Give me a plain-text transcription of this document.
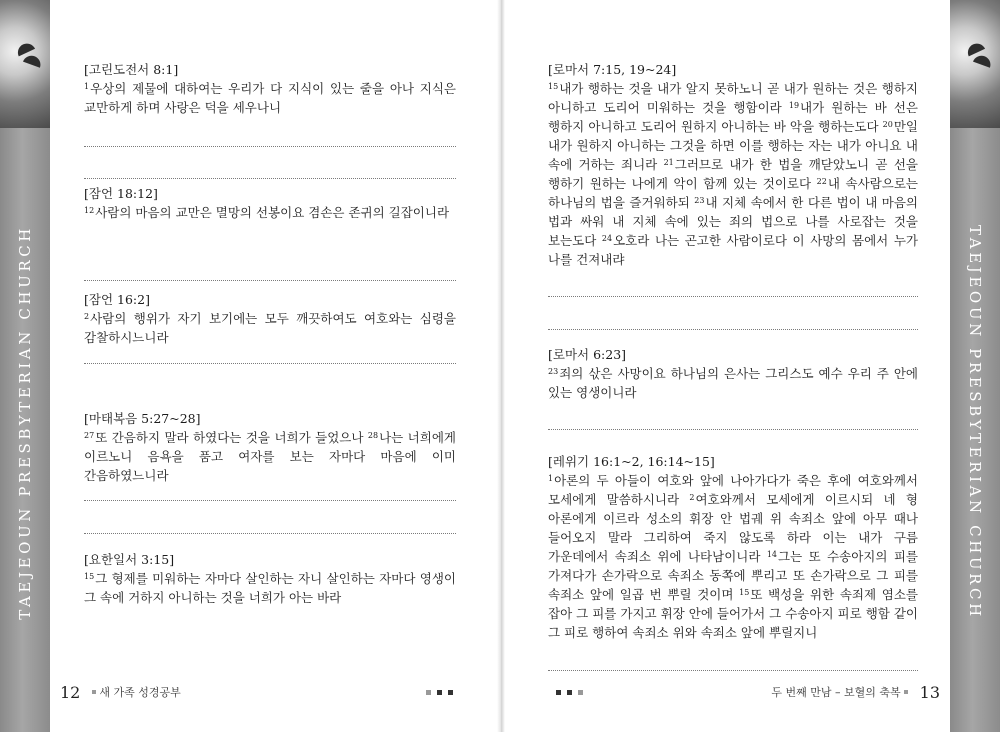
TAEJEOUN PRESBYTERIAN CHURCH	TAEJEOUN PRESBYTERIAN CHURCH
[고린도전서 8:1]
$^1$우상의 제물에 대하여는 우리가 다 지식이 있는 줄을 아나 지식은 교만하게 하며 사랑은 덕을 세우나니
[잠언 18:12]
$^{12}$사람의 마음의 교만은 멸망의 선봉이요 겸손은 존귀의 길잡이니라
[잠언 16:2]
$^2$사람의 행위가 자기 보기에는 모두 깨끗하여도 여호와는 심령을 감찰하시느니라
[마태복음 5:27~28]
$^{27}$또 간음하지 말라 하였다는 것을 너희가 들었으나 $^{28}$나는 너희에게 이르노니 음욕을 품고 여자를 보는 자마다 마음에 이미 간음하였느니라
[요한일서 3:15]
$^{15}$그 형제를 미워하는 자마다 살인하는 자니 살인하는 자마다 영생이 그 속에 거하지 아니하는 것을 너희가 아는 바라
[로마서 7:15, 19~24]
$^{15}$내가 행하는 것을 내가 알지 못하노니 곧 내가 원하는 것은 행하지 아니하고 도리어 미워하는 것을 행함이라 $^{19}$내가 원하는 바 선은 행하지 아니하고 도리어 원하지 아니하는 바 악을 행하는도다 $^{20}$만일 내가 원하지 아니하는 그것을 하면 이를 행하는 자는 내가 아니요 내 속에 거하는 죄니라 $^{21}$그러므로 내가 한 법을 깨닫았노니 곧 선을 행하기 원하는 나에게 악이 함께 있는 것이로다 $^{22}$내 속사람으로는 하나님의 법을 즐거워하되 $^{23}$내 지체 속에서 한 다른 법이 내 마음의 법과 싸워 내 지체 속에 있는 죄의 법으로 나를 사로잡는 것을 보는도다 $^{24}$오호라 나는 곤고한 사람이로다 이 사망의 몸에서 누가 나를 건져내랴
[로마서 6:23]
$^{23}$죄의 삯은 사망이요 하나님의 은사는 그리스도 예수 우리 주 안에 있는 영생이니라
[레위기 16:1~2, 16:14~15]
$^1$아론의 두 아들이 여호와 앞에 나아가다가 죽은 후에 여호와께서 모세에게 말씀하시니라 $^2$여호와께서 모세에게 이르시되 네 형 아론에게 이르라 성소의 휘장 안 법궤 위 속죄소 앞에 아무 때나 들어오지 말라 그리하여 죽지 않도록 하라 이는 내가 구름 가운데에서 속죄소 위에 나타남이니라 $^{14}$그는 또 수송아지의 피를 가져다가 손가락으로 속죄소 동쪽에 뿌리고 또 손가락으로 그 피를 속죄소 앞에 일곱 번 뿌릴 것이며 $^{15}$또 백성을 위한 속죄제 염소를 잡아 그 피를 가지고 휘장 안에 들어가서 그 수송아지 피로 행함 같이 그 피로 행하여 속죄소 위와 속죄소 앞에 뿌릴지니
12 새 가족 성경공부	두 번째 만남 – 보혈의 축복 13
